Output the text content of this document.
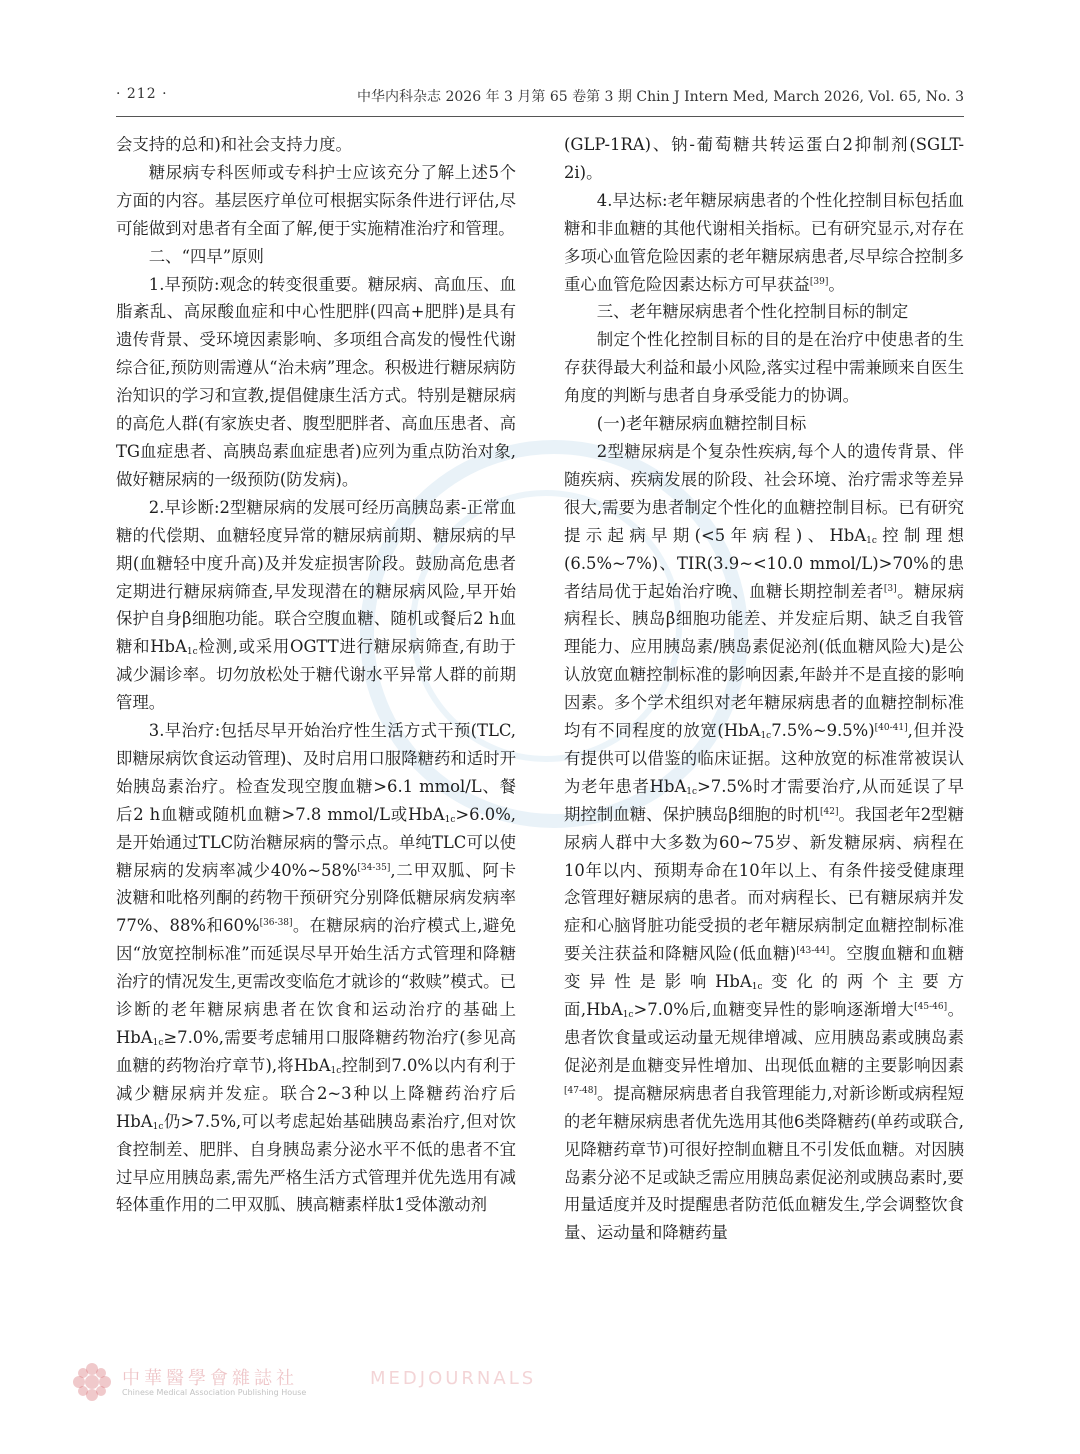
· 212 ·	中华内科杂志 2026 年 3 月第 65 卷第 3 期 Chin J Intern Med, March 2026, Vol. 65, No. 3

会支持的总和)和社会支持力度。

糖尿病专科医师或专科护士应该充分了解上述5个方面的内容。基层医疗单位可根据实际条件进行评估,尽可能做到对患者有全面了解,便于实施精准治疗和管理。

二、“四早”原则

1.早预防:观念的转变很重要。糖尿病、高血压、血脂紊乱、高尿酸血症和中心性肥胖(四高+肥胖)是具有遗传背景、受环境因素影响、多项组合高发的慢性代谢综合征,预防则需遵从“治未病”理念。积极进行糖尿病防治知识的学习和宣教,提倡健康生活方式。特别是糖尿病的高危人群(有家族史者、腹型肥胖者、高血压患者、高TG血症患者、高胰岛素血症患者)应列为重点防治对象,做好糖尿病的一级预防(防发病)。

2.早诊断:2型糖尿病的发展可经历高胰岛素-正常血糖的代偿期、血糖轻度异常的糖尿病前期、糖尿病的早期(血糖轻中度升高)及并发症损害阶段。鼓励高危患者定期进行糖尿病筛查,早发现潜在的糖尿病风险,早开始保护自身β细胞功能。联合空腹血糖、随机或餐后2 h血糖和HbA$_{1c}$检测,或采用OGTT进行糖尿病筛查,有助于减少漏诊率。切勿放松处于糖代谢水平异常人群的前期管理。

3.早治疗:包括尽早开始治疗性生活方式干预(TLC,即糖尿病饮食运动管理)、及时启用口服降糖药和适时开始胰岛素治疗。检查发现空腹血糖>6.1 mmol/L、餐后2 h血糖或随机血糖>7.8 mmol/L或HbA$_{1c}$>6.0%,是开始通过TLC防治糖尿病的警示点。单纯TLC可以使糖尿病的发病率减少40%~58%[34-35],二甲双胍、阿卡波糖和吡格列酮的药物干预研究分别降低糖尿病发病率77%、88%和60%[36-38]。在糖尿病的治疗模式上,避免因“放宽控制标准”而延误尽早开始生活方式管理和降糖治疗的情况发生,更需改变临危才就诊的“救赎”模式。已诊断的老年糖尿病患者在饮食和运动治疗的基础上HbA$_{1c}$≥7.0%,需要考虑辅用口服降糖药物治疗(参见高血糖的药物治疗章节),将HbA$_{1c}$控制到7.0%以内有利于减少糖尿病并发症。联合2~3种以上降糖药治疗后HbA$_{1c}$仍>7.5%,可以考虑起始基础胰岛素治疗,但对饮食控制差、肥胖、自身胰岛素分泌水平不低的患者不宜过早应用胰岛素,需先严格生活方式管理并优先选用有减轻体重作用的二甲双胍、胰高糖素样肽1受体激动剂

(GLP-1RA)、钠-葡萄糖共转运蛋白2抑制剂(SGLT-2i)。

4.早达标:老年糖尿病患者的个性化控制目标包括血糖和非血糖的其他代谢相关指标。已有研究显示,对存在多项心血管危险因素的老年糖尿病患者,尽早综合控制多重心血管危险因素达标方可早获益[39]。

三、老年糖尿病患者个性化控制目标的制定

制定个性化控制目标的目的是在治疗中使患者的生存获得最大利益和最小风险,落实过程中需兼顾来自医生角度的判断与患者自身承受能力的协调。

(一)老年糖尿病血糖控制目标

2型糖尿病是个复杂性疾病,每个人的遗传背景、伴随疾病、疾病发展的阶段、社会环境、治疗需求等差异很大,需要为患者制定个性化的血糖控制目标。已有研究提示起病早期(<5年病程)、HbA$_{1c}$控制理想(6.5%~7%)、TIR(3.9~<10.0 mmol/L)>70%的患者结局优于起始治疗晚、血糖长期控制差者[3]。糖尿病病程长、胰岛β细胞功能差、并发症后期、缺乏自我管理能力、应用胰岛素/胰岛素促泌剂(低血糖风险大)是公认放宽血糖控制标准的影响因素,年龄并不是直接的影响因素。多个学术组织对老年糖尿病患者的血糖控制标准均有不同程度的放宽(HbA$_{1c}$7.5%~9.5%)[40-41],但并没有提供可以借鉴的临床证据。这种放宽的标准常被误认为老年患者HbA$_{1c}$>7.5%时才需要治疗,从而延误了早期控制血糖、保护胰岛β细胞的时机[42]。我国老年2型糖尿病人群中大多数为60~75岁、新发糖尿病、病程在10年以内、预期寿命在10年以上、有条件接受健康理念管理好糖尿病的患者。而对病程长、已有糖尿病并发症和心脑肾脏功能受损的老年糖尿病制定血糖控制标准要关注获益和降糖风险(低血糖)[43-44]。空腹血糖和血糖变异性是影响HbA$_{1c}$变化的两个主要方面,HbA$_{1c}$>7.0%后,血糖变异性的影响逐渐增大[45-46]。患者饮食量或运动量无规律增减、应用胰岛素或胰岛素促泌剂是血糖变异性增加、出现低血糖的主要影响因素[47-48]。提高糖尿病患者自我管理能力,对新诊断或病程短的老年糖尿病患者优先选用其他6类降糖药(单药或联合,见降糖药章节)可很好控制血糖且不引发低血糖。对因胰岛素分泌不足或缺乏需应用胰岛素促泌剂或胰岛素时,要用量适度并及时提醒患者防范低血糖发生,学会调整饮食量、运动量和降糖药量

中華醫學會雜誌社
Chinese Medical Association Publishing House
MEDJOURNALS
